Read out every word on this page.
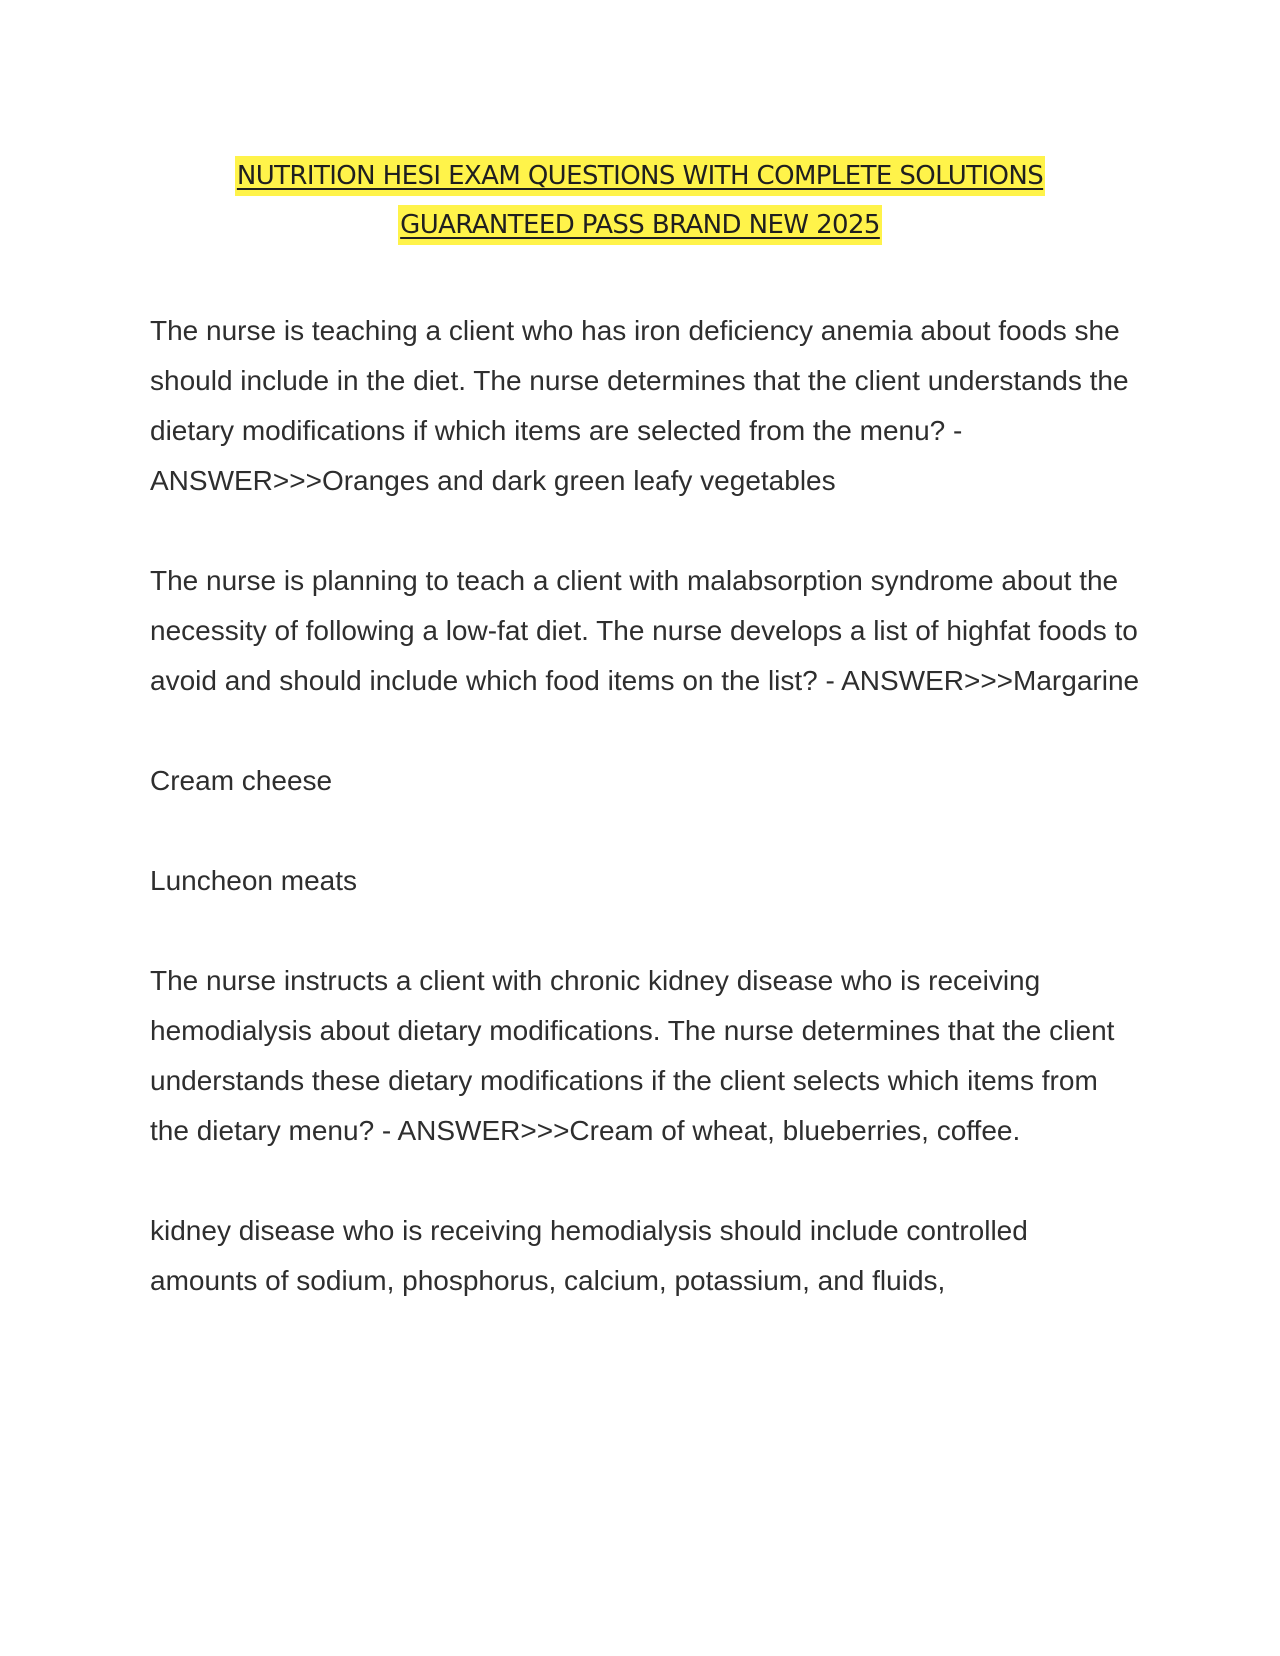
NUTRITION HESI EXAM QUESTIONS WITH COMPLETE SOLUTIONS
GUARANTEED PASS BRAND NEW 2025

The nurse is teaching a client who has iron deficiency anemia about foods she should include in the diet. The nurse determines that the client understands the dietary modifications if which items are selected from the menu? - ANSWER>>>Oranges and dark green leafy vegetables

The nurse is planning to teach a client with malabsorption syndrome about the necessity of following a low-fat diet. The nurse develops a list of highfat foods to avoid and should include which food items on the list? - ANSWER>>>Margarine

Cream cheese

Luncheon meats

The nurse instructs a client with chronic kidney disease who is receiving hemodialysis about dietary modifications. The nurse determines that the client understands these dietary modifications if the client selects which items from the dietary menu? - ANSWER>>>Cream of wheat, blueberries, coffee.

kidney disease who is receiving hemodialysis should include controlled amounts of sodium, phosphorus, calcium, potassium, and fluids,
